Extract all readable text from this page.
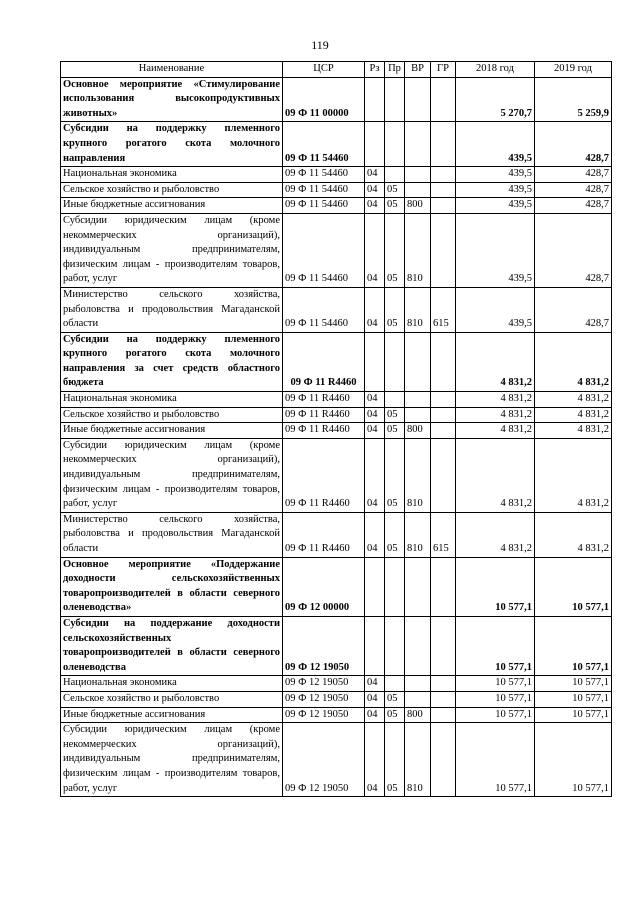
119
Наименование	ЦСР	Рз	Пр	ВР	ГР	2018 год	2019 год
Основное мероприятие «Стимулирование использования высокопродуктивных животных»	09 Ф 11 00000					5 270,7	5 259,9
Субсидии на поддержку племенного крупного рогатого скота молочного направления	09 Ф 11 54460					439,5	428,7
Национальная экономика	09 Ф 11 54460	04				439,5	428,7
Сельское хозяйство и рыболовство	09 Ф 11 54460	04	05			439,5	428,7
Иные бюджетные ассигнования	09 Ф 11 54460	04	05	800		439,5	428,7
Субсидии юридическим лицам (кроме некоммерческих организаций), индивидуальным предпринимателям, физическим лицам - производителям товаров, работ, услуг	09 Ф 11 54460	04	05	810		439,5	428,7
Министерство сельского хозяйства, рыболовства и продовольствия Магаданской области	09 Ф 11 54460	04	05	810	615	439,5	428,7
Субсидии на поддержку племенного крупного рогатого скота молочного направления за счет средств областного бюджета	09 Ф 11 R4460					4 831,2	4 831,2
Национальная экономика	09 Ф 11 R4460	04				4 831,2	4 831,2
Сельское хозяйство и рыболовство	09 Ф 11 R4460	04	05			4 831,2	4 831,2
Иные бюджетные ассигнования	09 Ф 11 R4460	04	05	800		4 831,2	4 831,2
Субсидии юридическим лицам (кроме некоммерческих организаций), индивидуальным предпринимателям, физическим лицам - производителям товаров, работ, услуг	09 Ф 11 R4460	04	05	810		4 831,2	4 831,2
Министерство сельского хозяйства, рыболовства и продовольствия Магаданской области	09 Ф 11 R4460	04	05	810	615	4 831,2	4 831,2
Основное мероприятие «Поддержание доходности сельскохозяйственных товаропроизводителей в области северного оленеводства»	09 Ф 12 00000					10 577,1	10 577,1
Субсидии на поддержание доходности сельскохозяйственных товаропроизводителей в области северного оленеводства	09 Ф 12 19050					10 577,1	10 577,1
Национальная экономика	09 Ф 12 19050	04				10 577,1	10 577,1
Сельское хозяйство и рыболовство	09 Ф 12 19050	04	05			10 577,1	10 577,1
Иные бюджетные ассигнования	09 Ф 12 19050	04	05	800		10 577,1	10 577,1
Субсидии юридическим лицам (кроме некоммерческих организаций), индивидуальным предпринимателям, физическим лицам - производителям товаров, работ, услуг	09 Ф 12 19050	04	05	810		10 577,1	10 577,1
